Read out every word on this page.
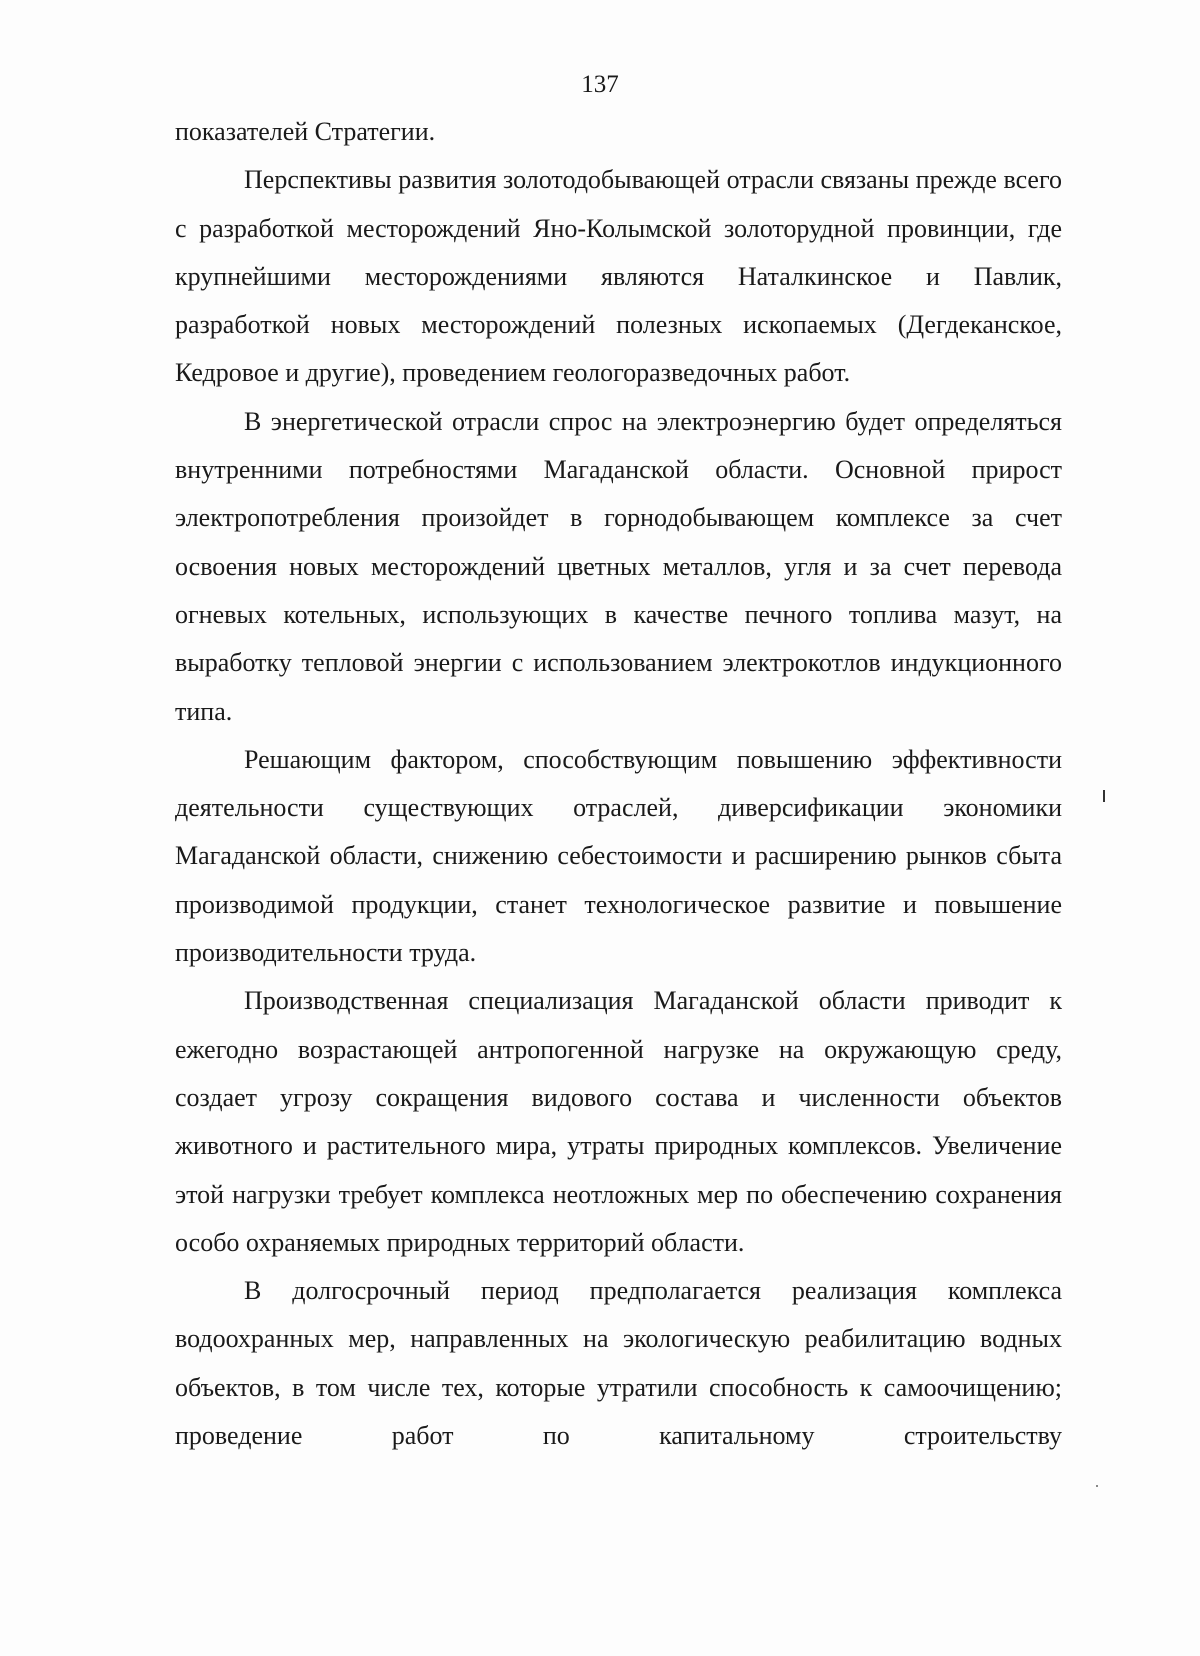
137

показателей Стратегии.

Перспективы развития золотодобывающей отрасли связаны прежде всего с разработкой месторождений Яно-Колымской золоторудной провинции, где крупнейшими месторождениями являются Наталкинское и Павлик, разработкой новых месторождений полезных ископаемых (Дегдеканское, Кедровое и другие), проведением геологоразведочных работ.

В энергетической отрасли спрос на электроэнергию будет определяться внутренними потребностями Магаданской области. Основной прирост электропотребления произойдет в горнодобывающем комплексе за счет освоения новых месторождений цветных металлов, угля и за счет перевода огневых котельных, использующих в качестве печного топлива мазут, на выработку тепловой энергии с использованием электрокотлов индукционного типа.

Решающим фактором, способствующим повышению эффективности деятельности существующих отраслей, диверсификации экономики Магаданской области, снижению себестоимости и расширению рынков сбыта производимой продукции, станет технологическое развитие и повышение производительности труда.

Производственная специализация Магаданской области приводит к ежегодно возрастающей антропогенной нагрузке на окружающую среду, создает угрозу сокращения видового состава и численности объектов животного и растительного мира, утраты природных комплексов. Увеличение этой нагрузки требует комплекса неотложных мер по обеспечению сохранения особо охраняемых природных территорий области.

В долгосрочный период предполагается реализация комплекса водоохранных мер, направленных на экологическую реабилитацию водных объектов, в том числе тех, которые утратили способность к самоочищению; проведение работ по капитальному строительству
